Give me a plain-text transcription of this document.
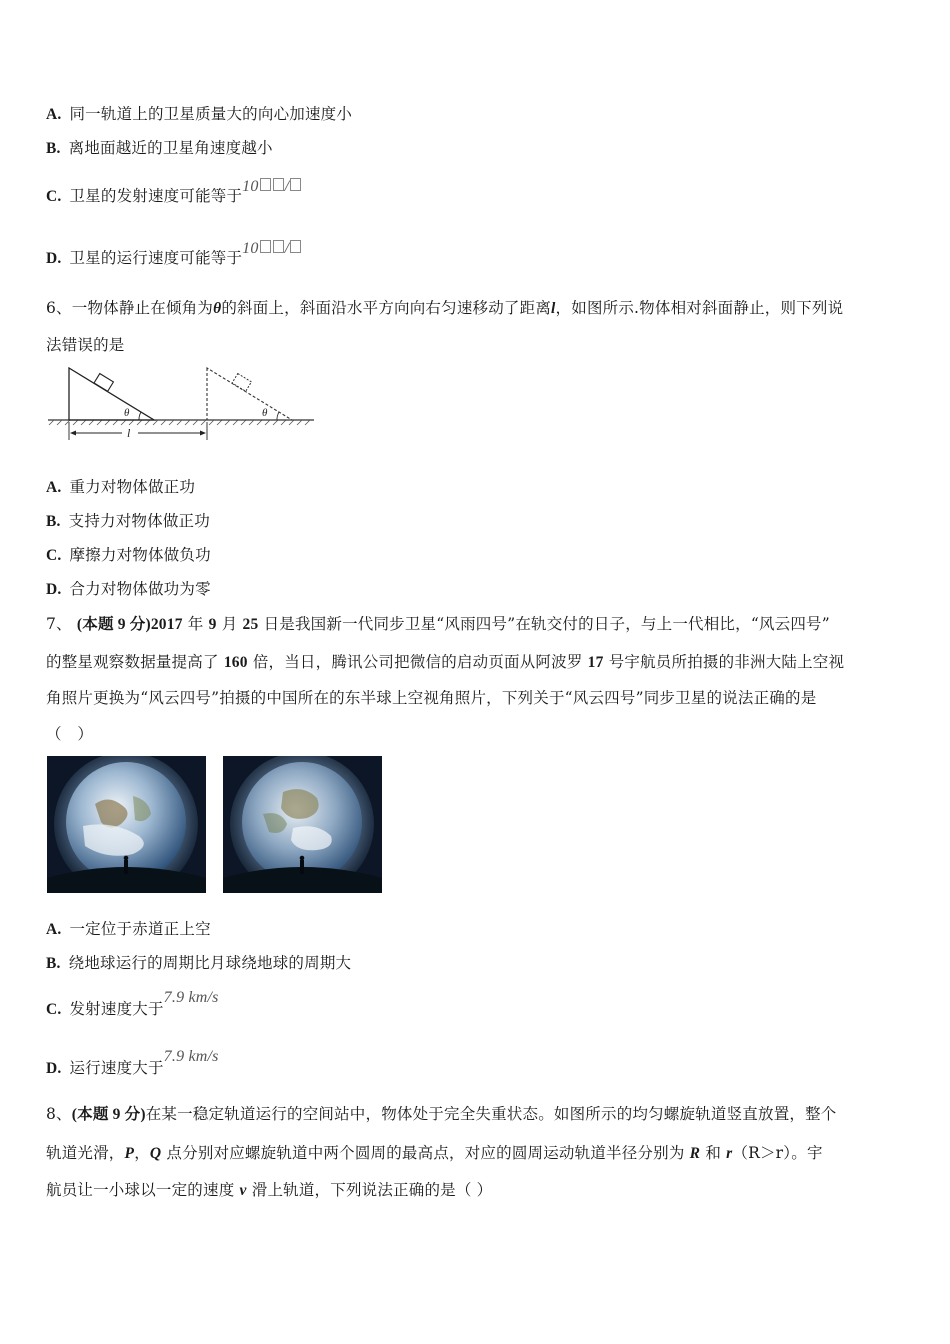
A. 同一轨道上的卫星质量大的向心加速度小
B. 离地面越近的卫星角速度越小
C. 卫星的发射速度可能等于10 /
D. 卫星的运行速度可能等于10 /
6、一物体静止在倾角为θ的斜面上，斜面沿水平方向向右匀速移动了距离l，如图所示.物体相对斜面静止，则下列说
法错误的是
θ	θ
l
A. 重力对物体做正功
B. 支持力对物体做正功
C. 摩擦力对物体做负功
D. 合力对物体做功为零
7、 (本题 9 分)2017 年 9 月 25 日是我国新一代同步卫星“风雨四号”在轨交付的日子，与上一代相比，“风云四号”
的整星观察数据量提高了 160 倍，当日，腾讯公司把微信的启动页面从阿波罗 17 号宇航员所拍摄的非洲大陆上空视
角照片更换为“风云四号”拍摄的中国所在的东半球上空视角照片，下列关于“风云四号”同步卫星的说法正确的是
（　）
A. 一定位于赤道正上空
B. 绕地球运行的周期比月球绕地球的周期大
C. 发射速度大于7.9 km/s
D. 运行速度大于7.9 km/s
8、(本题 9 分)在某一稳定轨道运行的空间站中，物体处于完全失重状态。如图所示的均匀螺旋轨道竖直放置，整个
轨道光滑，P，Q 点分别对应螺旋轨道中两个圆周的最高点，对应的圆周运动轨道半径分别为 R 和 r（R＞r）。宇
航员让一小球以一定的速度 v 滑上轨道，下列说法正确的是（ ）
